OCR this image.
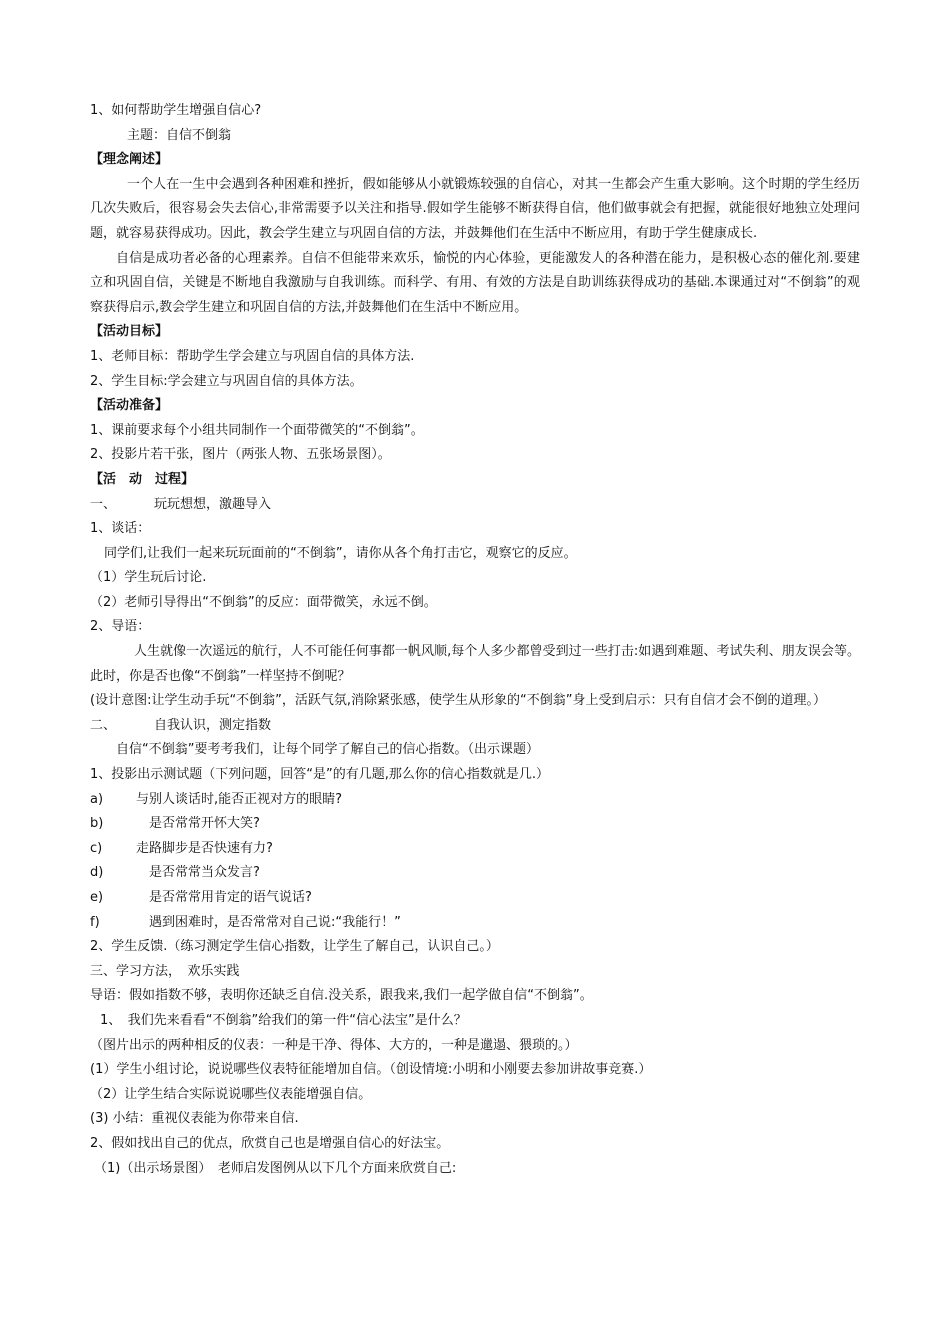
1、如何帮助学生增强自信心?
主题：自信不倒翁
【理念阐述】
一个人在一生中会遇到各种困难和挫折，假如能够从小就锻炼较强的自信心，对其一生都会产生重大影响。这个时期的学生经历几次失败后，很容易会失去信心,非常需要予以关注和指导.假如学生能够不断获得自信，他们做事就会有把握，就能很好地独立处理问题，就容易获得成功。因此，教会学生建立与巩固自信的方法，并鼓舞他们在生活中不断应用，有助于学生健康成长.
自信是成功者必备的心理素养。自信不但能带来欢乐，愉悦的内心体验，更能激发人的各种潜在能力，是积极心态的催化剂.要建立和巩固自信，关键是不断地自我激励与自我训练。而科学、有用、有效的方法是自助训练获得成功的基础.本课通过对“不倒翁”的观察获得启示,教会学生建立和巩固自信的方法,并鼓舞他们在生活中不断应用。
【活动目标】
1、老师目标：帮助学生学会建立与巩固自信的具体方法.
2、学生目标:学会建立与巩固自信的具体方法。
【活动准备】
1、课前要求每个小组共同制作一个面带微笑的“不倒翁”。
2、投影片若干张，图片（两张人物、五张场景图）。
【活　动　过程】
一、	玩玩想想，激趣导入
1、谈话：
同学们,让我们一起来玩玩面前的“不倒翁”，请你从各个角打击它，观察它的反应。
（1）学生玩后讨论.
（2）老师引导得出“不倒翁”的反应：面带微笑，永远不倒。
2、导语：
人生就像一次遥远的航行，人不可能任何事都一帆风顺,每个人多少都曾受到过一些打击:如遇到难题、考试失利、朋友误会等。此时，你是否也像“不倒翁”一样坚持不倒呢？
(设计意图:让学生动手玩“不倒翁”，活跃气氛,消除紧张感，使学生从形象的“不倒翁”身上受到启示：只有自信才会不倒的道理。）
二、	自我认识，测定指数
自信“不倒翁”要考考我们，让每个同学了解自己的信心指数。（出示课题）
1、投影出示测试题（下列问题，回答“是”的有几题,那么你的信心指数就是几.）
a)	与别人谈话时,能否正视对方的眼睛?
b)	　是否常常开怀大笑?
c)	走路脚步是否快速有力?
d)	　是否常常当众发言?
e)	　是否常常用肯定的语气说话?
f)	　遇到困难时，是否常常对自己说:“我能行！”
2、学生反馈.（练习测定学生信心指数，让学生了解自己，认识自己。）
三、学习方法，　欢乐实践
导语：假如指数不够，表明你还缺乏自信.没关系，跟我来,我们一起学做自信“不倒翁”。
1、　我们先来看看“不倒翁”给我们的第一件“信心法宝”是什么？
（图片出示的两种相反的仪表：一种是干净、得体、大方的，一种是邋遢、猥琐的。）
(1）学生小组讨论，说说哪些仪表特征能增加自信。（创设情境:小明和小刚要去参加讲故事竞赛.）
（2）让学生结合实际说说哪些仪表能增强自信。
(3) 小结：重视仪表能为你带来自信.
2、假如找出自己的优点，欣赏自己也是增强自信心的好法宝。
（1)（出示场景图）　老师启发图例从以下几个方面来欣赏自己:
